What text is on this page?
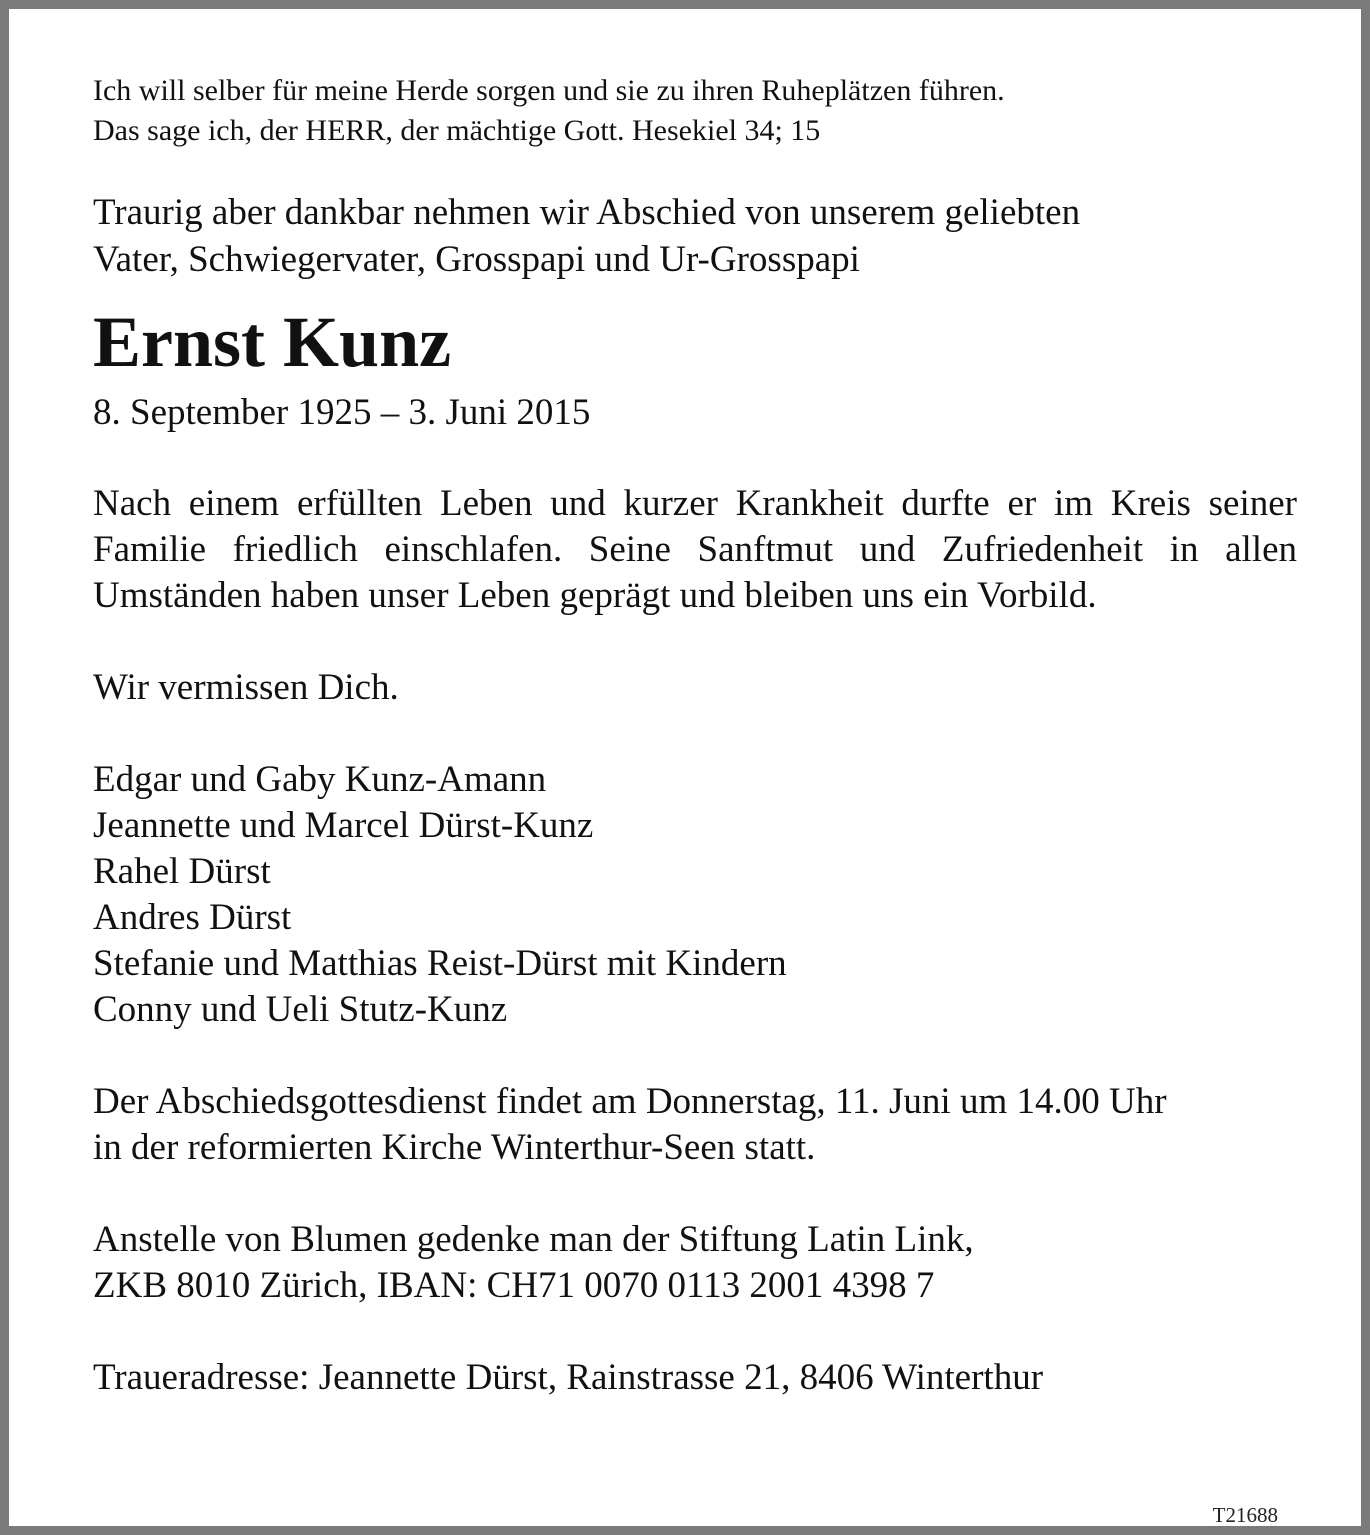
Ich will selber für meine Herde sorgen und sie zu ihren Ruheplätzen führen.
Das sage ich, der HERR, der mächtige Gott. Hesekiel 34; 15
Traurig aber dankbar nehmen wir Abschied von unserem geliebten
Vater, Schwiegervater, Grosspapi und Ur-Grosspapi
Ernst Kunz
8. September 1925 – 3. Juni 2015

Nach einem erfüllten Leben und kurzer Krankheit durfte er im Kreis seiner Familie friedlich einschlafen. Seine Sanftmut und Zufriedenheit in allen Umständen haben unser Leben geprägt und bleiben uns ein Vorbild.

Wir vermissen Dich.

Edgar und Gaby Kunz-Amann
Jeannette und Marcel Dürst-Kunz
Rahel Dürst
Andres Dürst
Stefanie und Matthias Reist-Dürst mit Kindern
Conny und Ueli Stutz-Kunz
Der Abschiedsgottesdienst findet am Donnerstag, 11. Juni um 14.00 Uhr
in der reformierten Kirche Winterthur-Seen statt.
Anstelle von Blumen gedenke man der Stiftung Latin Link,
ZKB 8010 Zürich, IBAN: CH71 0070 0113 2001 4398 7

Traueradresse: Jeannette Dürst, Rainstrasse 21, 8406 Winterthur

T21688
